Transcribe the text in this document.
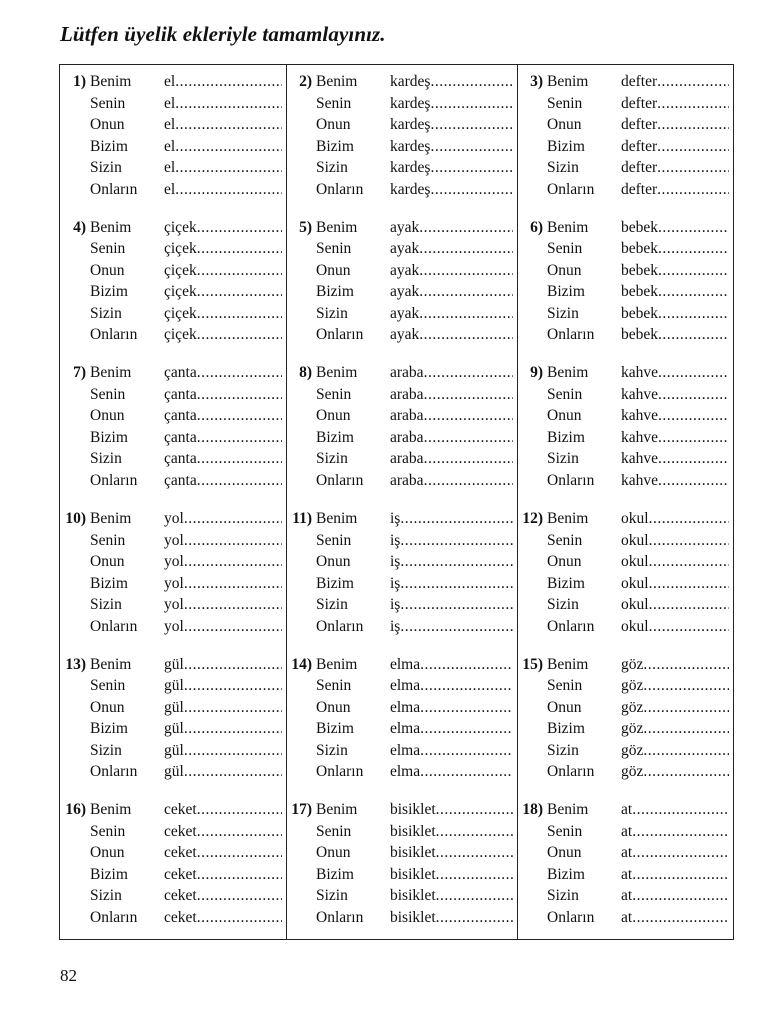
Lütfen üyelik ekleriyle tamamlayınız.
1) Benim	el .....
Senin	el .....
Onun	el .....
Bizim	el .....
Sizin	el .....
Onların	el .....
2) Benim	kardeş .....
Senin	kardeş .....
Onun	kardeş .....
Bizim	kardeş .....
Sizin	kardeş .....
Onların	kardeş .....
3) Benim	defter .....
Senin	defter .....
Onun	defter .....
Bizim	defter .....
Sizin	defter .....
Onların	defter .....
4) Benim	çiçek .....
Senin	çiçek .....
Onun	çiçek .....
Bizim	çiçek .....
Sizin	çiçek .....
Onların	çiçek .....
5) Benim	ayak .....
Senin	ayak .....
Onun	ayak .....
Bizim	ayak .....
Sizin	ayak .....
Onların	ayak .....
6) Benim	bebek .....
Senin	bebek .....
Onun	bebek .....
Bizim	bebek .....
Sizin	bebek .....
Onların	bebek .....
7) Benim	çanta .....
Senin	çanta .....
Onun	çanta .....
Bizim	çanta .....
Sizin	çanta .....
Onların	çanta .....
8) Benim	araba .....
Senin	araba .....
Onun	araba .....
Bizim	araba .....
Sizin	araba .....
Onların	araba .....
9) Benim	kahve .....
Senin	kahve .....
Onun	kahve .....
Bizim	kahve .....
Sizin	kahve .....
Onların	kahve .....
10) Benim	yol .....
Senin	yol .....
Onun	yol .....
Bizim	yol .....
Sizin	yol .....
Onların	yol .....
11) Benim	iş .....
Senin	iş .....
Onun	iş .....
Bizim	iş .....
Sizin	iş .....
Onların	iş .....
12) Benim	okul .....
Senin	okul .....
Onun	okul .....
Bizim	okul .....
Sizin	okul .....
Onların	okul .....
13) Benim	gül .....
Senin	gül .....
Onun	gül .....
Bizim	gül .....
Sizin	gül .....
Onların	gül .....
14) Benim	elma .....
Senin	elma .....
Onun	elma .....
Bizim	elma .....
Sizin	elma .....
Onların	elma .....
15) Benim	göz .....
Senin	göz .....
Onun	göz .....
Bizim	göz .....
Sizin	göz .....
Onların	göz .....
16) Benim	ceket .....
Senin	ceket .....
Onun	ceket .....
Bizim	ceket .....
Sizin	ceket .....
Onların	ceket .....
17) Benim	bisiklet .....
Senin	bisiklet .....
Onun	bisiklet .....
Bizim	bisiklet .....
Sizin	bisiklet .....
Onların	bisiklet .....
18) Benim	at .....
Senin	at .....
Onun	at .....
Bizim	at .....
Sizin	at .....
Onların	at .....

82
